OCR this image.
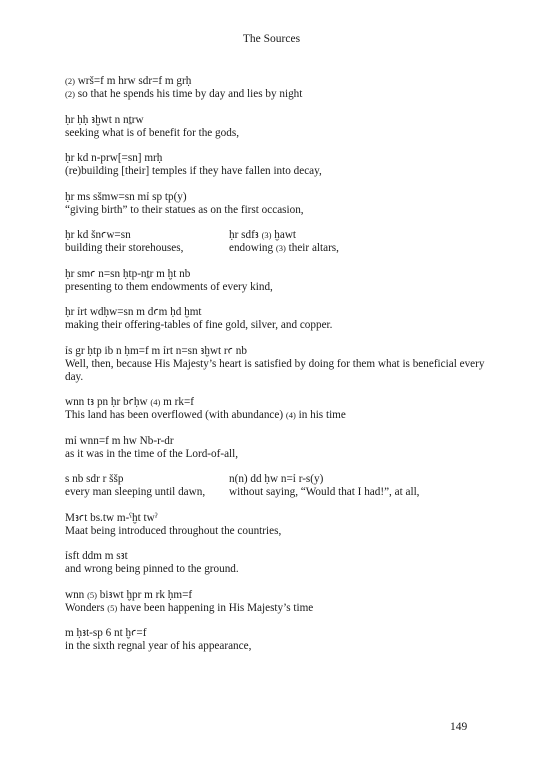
The Sources
(2) wrš=f m hrw sdr=f m grḥ
(2) so that he spends his time by day and lies by night
ḥr ḥḥ ꜣḫwt n nṯrw
seeking what is of benefit for the gods,
ḥr kd n-prw[=sn] mrḥ
(re)building [their] temples if they have fallen into decay,
ḥr ms sšmw=sn mỉ sp tp(y)
“giving birth” to their statues as on the first occasion,
ḥr kd šnꜥw=sn
building their storehouses,
ḥr sdfꜣ (3) ḫawt
endowing (3) their altars,
ḥr smꜥ n=sn ḥtp-nṯr m ḫt nb
presenting to them endowments of every kind,
ḥr ỉrt wdḥw=sn m dꜥm ḥd ḫmt
making their offering-tables of fine gold, silver, and copper.
ỉs gr ḥtp ib n ḥm=f m ỉrt n=sn ꜣḫwt rꜥ nb
Well, then, because His Majesty’s heart is satisfied by doing for them what is beneficial every day.
wnn tꜣ pn ḥr bꜥḥw (4) m rk=f
This land has been overflowed (with abundance) (4) in his time
mỉ wnn=f m hw Nb-r-dr
as it was in the time of the Lord-of-all,
s nb sdr r ššp
every man sleeping until dawn,
n(n) dd ḥw n=ỉ r-s(y)
without saying, “Would that I had!”, at all,
Mꜣꜥt bs.tw m-ˁḫt twˀ
Maat being introduced throughout the countries,
ỉsft ddm m sꜣt
and wrong being pinned to the ground.
wnn (5) biꜣwt ḫpr m rk ḥm=f
Wonders (5) have been happening in His Majesty’s time
m ḥꜣt-sp 6 nt ḫꜥ=f
in the sixth regnal year of his appearance,
149
